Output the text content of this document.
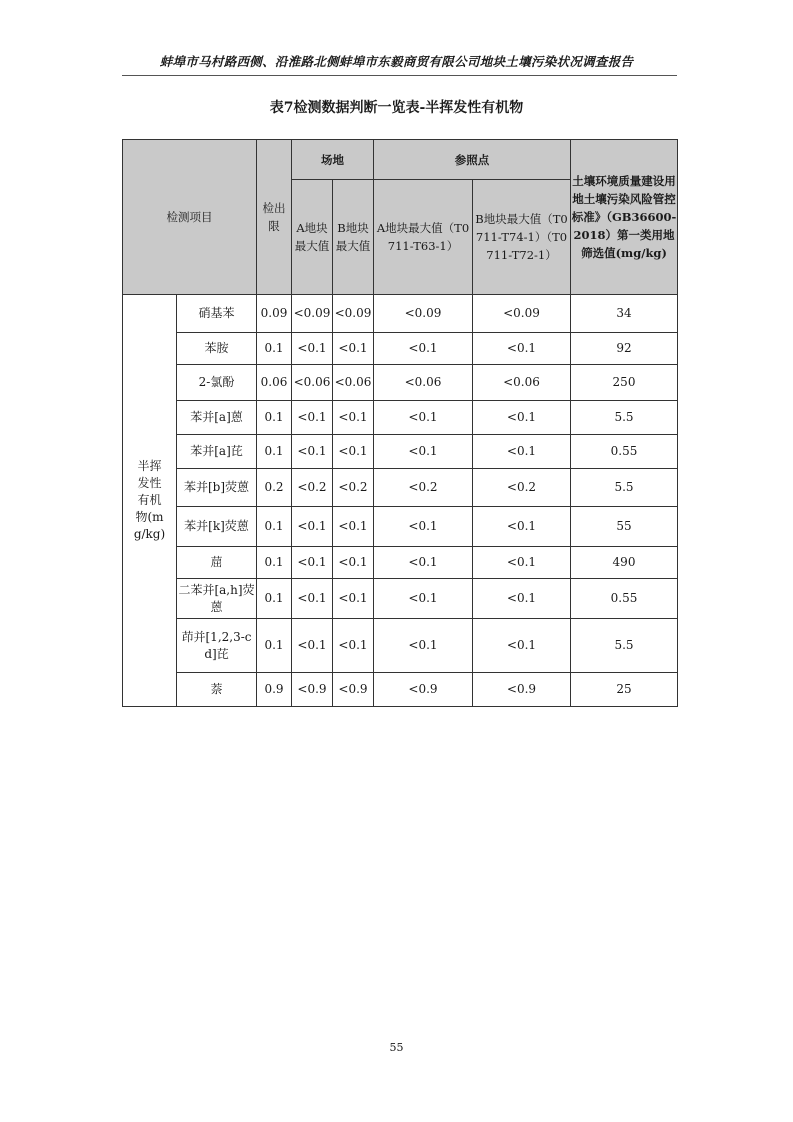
蚌埠市马村路西侧、沿淮路北侧蚌埠市东毅商贸有限公司地块土壤污染状况调查报告
表7检测数据判断一览表-半挥发性有机物
检测项目		检出限	场地		参照点		土壤环境质量建设用地土壤污染风险管控标准》（GB36600-2018）第一类用地筛选值(mg/kg)
			A地块最大值	B地块最大值	A地块最大值（T0711-T63-1）	B地块最大值（T0711-T74-1）（T0711-T72-1）	
半挥发性有机物(mg/kg)	硝基苯	0.09	<0.09	<0.09	<0.09	<0.09	34
	苯胺	0.1	<0.1	<0.1	<0.1	<0.1	92
	2-氯酚	0.06	<0.06	<0.06	<0.06	<0.06	250
	苯并[a]蒽	0.1	<0.1	<0.1	<0.1	<0.1	5.5
	苯并[a]芘	0.1	<0.1	<0.1	<0.1	<0.1	0.55
	苯并[b]荧蒽	0.2	<0.2	<0.2	<0.2	<0.2	5.5
	苯并[k]荧蒽	0.1	<0.1	<0.1	<0.1	<0.1	55
	䓛	0.1	<0.1	<0.1	<0.1	<0.1	490
	二苯并[a,h]荧蒽	0.1	<0.1	<0.1	<0.1	<0.1	0.55
	茚并[1,2,3-cd]芘	0.1	<0.1	<0.1	<0.1	<0.1	5.5
	萘	0.9	<0.9	<0.9	<0.9	<0.9	25
55
